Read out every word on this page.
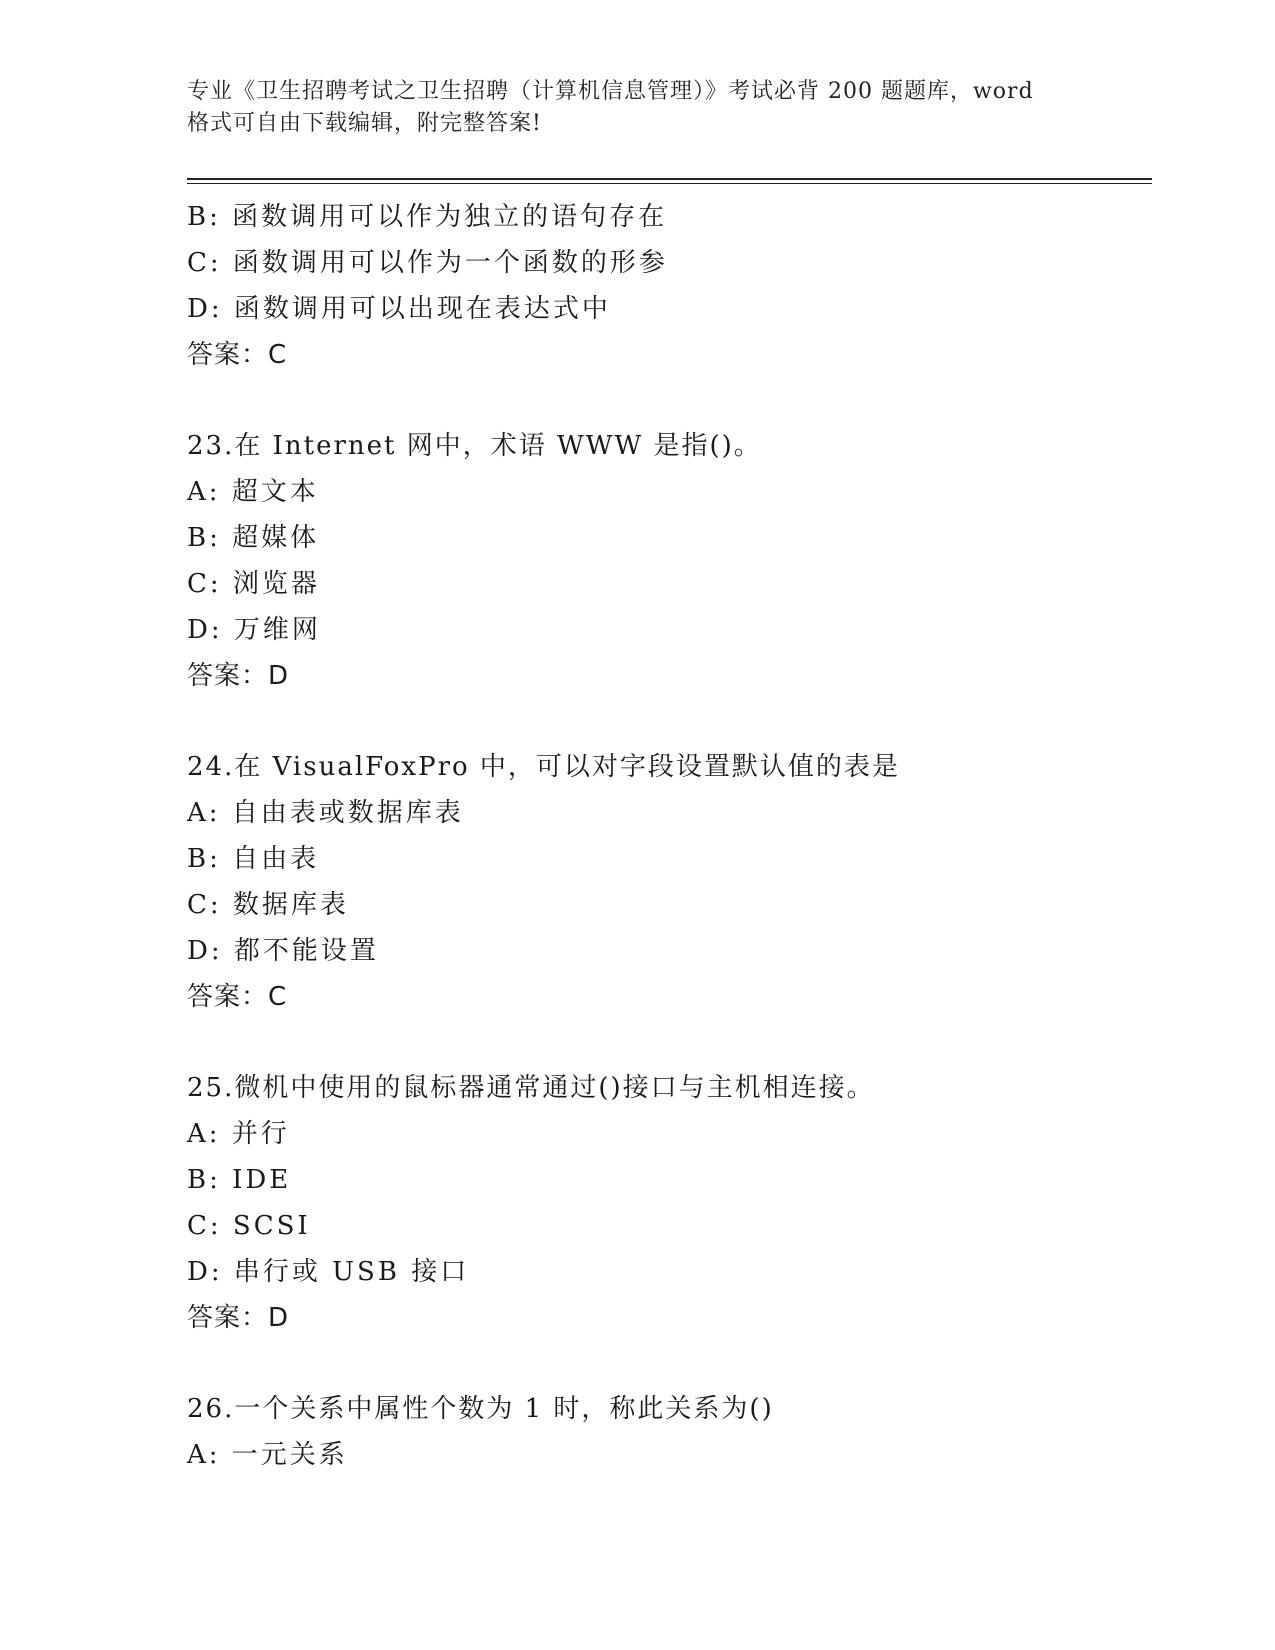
专业《卫生招聘考试之卫生招聘（计算机信息管理）》考试必背 200 题题库，word
格式可自由下载编辑，附完整答案!
B: 函数调用可以作为独立的语句存在
C: 函数调用可以作为一个函数的形参
D: 函数调用可以出现在表达式中
答案：C
23.在 Internet 网中，术语 WWW 是指()。
A: 超文本
B: 超媒体
C: 浏览器
D: 万维网
答案：D
24.在 VisualFoxPro 中，可以对字段设置默认值的表是
A: 自由表或数据库表
B: 自由表
C: 数据库表
D: 都不能设置
答案：C
25.微机中使用的鼠标器通常通过()接口与主机相连接。
A: 并行
B: IDE
C: SCSI
D: 串行或 USB 接口
答案：D
26.一个关系中属性个数为 1 时，称此关系为()
A: 一元关系
